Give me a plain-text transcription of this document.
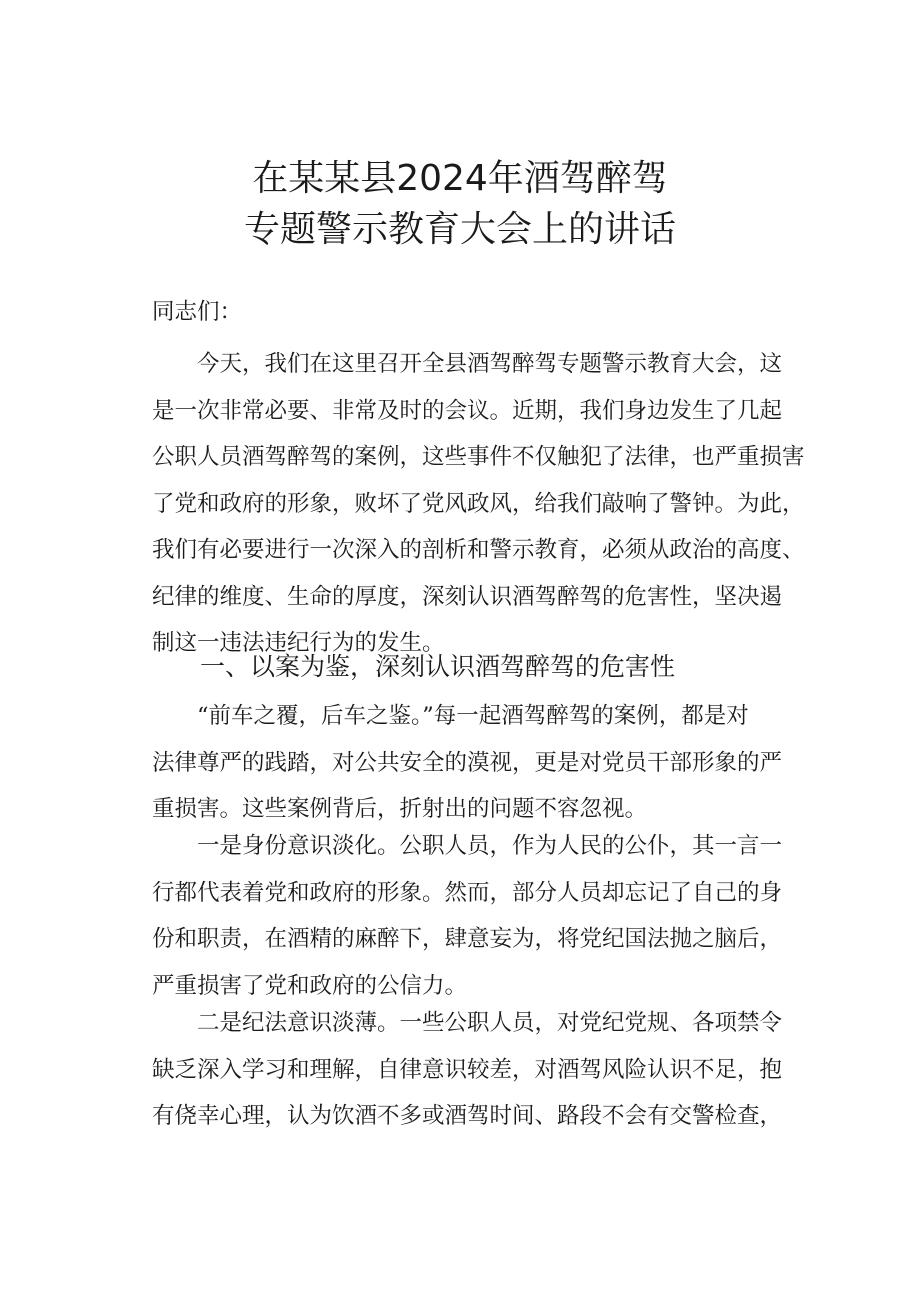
在某某县2024年酒驾醉驾
专题警示教育大会上的讲话
同志们：
今天，我们在这里召开全县酒驾醉驾专题警示教育大会，这
是一次非常必要、非常及时的会议。近期，我们身边发生了几起
公职人员酒驾醉驾的案例，这些事件不仅触犯了法律，也严重损害
了党和政府的形象，败坏了党风政风，给我们敲响了警钟。为此，
我们有必要进行一次深入的剖析和警示教育，必须从政治的高度、
纪律的维度、生命的厚度，深刻认识酒驾醉驾的危害性，坚决遏
制这一违法违纪行为的发生。
一、以案为鉴，深刻认识酒驾醉驾的危害性
“前车之覆，后车之鉴。”每一起酒驾醉驾的案例，都是对
法律尊严的践踏，对公共安全的漠视，更是对党员干部形象的严
重损害。这些案例背后，折射出的问题不容忽视。
一是身份意识淡化。公职人员，作为人民的公仆，其一言一
行都代表着党和政府的形象。然而，部分人员却忘记了自己的身
份和职责，在酒精的麻醉下，肆意妄为，将党纪国法抛之脑后，
严重损害了党和政府的公信力。
二是纪法意识淡薄。一些公职人员，对党纪党规、各项禁令
缺乏深入学习和理解，自律意识较差，对酒驾风险认识不足，抱
有侥幸心理，认为饮酒不多或酒驾时间、路段不会有交警检查，
